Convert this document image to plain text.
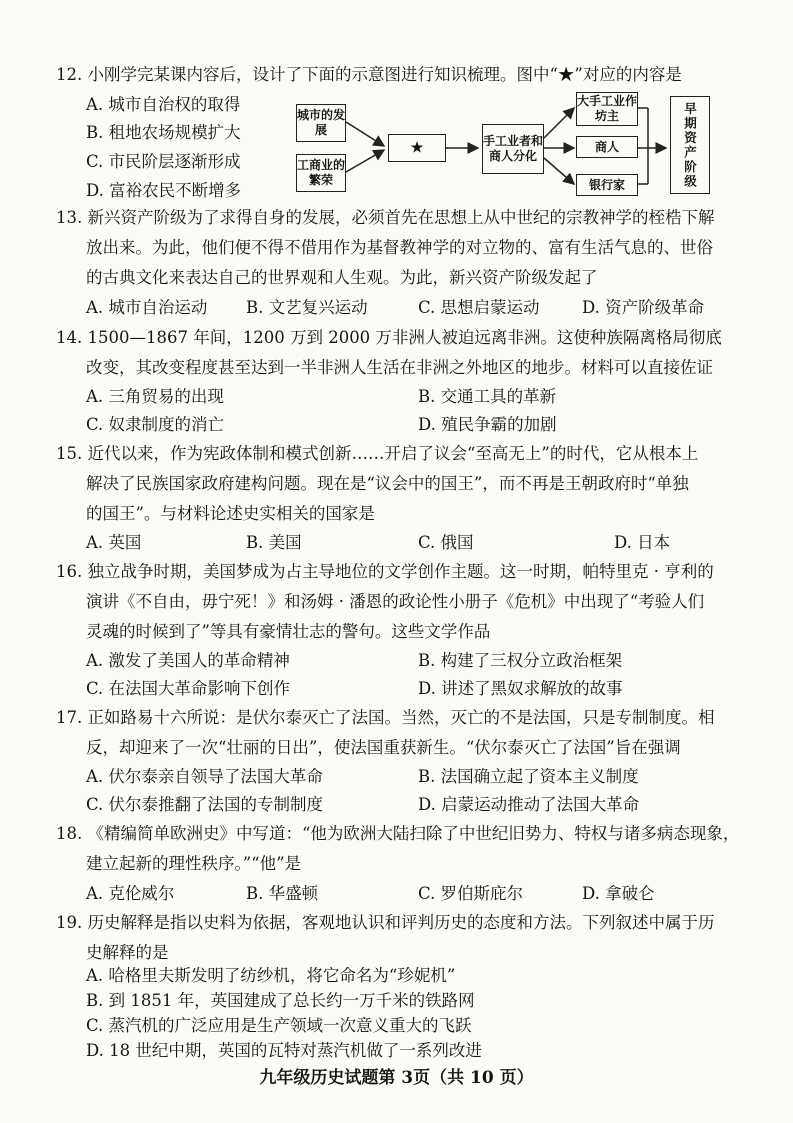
12. 小刚学完某课内容后，设计了下面的示意图进行知识梳理。图中“★”对应的内容是
A. 城市自治权的取得
B. 租地农场规模扩大
C. 市民阶层逐渐形成
D. 富裕农民不断增多
城市的发展
工商业的繁荣
★	手工业者和商人分化
大手工业作坊主
商人
银行家	早期资产阶级
13. 新兴资产阶级为了求得自身的发展，必须首先在思想上从中世纪的宗教神学的桎梏下解
放出来。为此，他们便不得不借用作为基督教神学的对立物的、富有生活气息的、世俗
的古典文化来表达自己的世界观和人生观。为此，新兴资产阶级发起了
A. 城市自治运动 B. 文艺复兴运动	C. 思想启蒙运动	D. 资产阶级革命
14. 1500—1867 年间，1200 万到 2000 万非洲人被迫远离非洲。这使种族隔离格局彻底
改变，其改变程度甚至达到一半非洲人生活在非洲之外地区的地步。材料可以直接佐证
A. 三角贸易的出现	B. 交通工具的革新
C. 奴隶制度的消亡	D. 殖民争霸的加剧
15. 近代以来，作为宪政体制和模式创新……开启了议会“至高无上”的时代，它从根本上
解决了民族国家政府建构问题。现在是“议会中的国王”，而不再是王朝政府时“单独
的国王”。与材料论述史实相关的国家是
A. 英国	B. 美国	C. 俄国	D. 日本
16. 独立战争时期，美国梦成为占主导地位的文学创作主题。这一时期，帕特里克 · 亨利的
演讲《不自由，毋宁死！》和汤姆 · 潘恩的政论性小册子《危机》中出现了“考验人们
灵魂的时候到了”等具有豪情壮志的警句。这些文学作品
A. 激发了美国人的革命精神	B. 构建了三权分立政治框架
C. 在法国大革命影响下创作	D. 讲述了黑奴求解放的故事
17. 正如路易十六所说：是伏尔泰灭亡了法国。当然，灭亡的不是法国，只是专制制度。相
反，却迎来了一次“壮丽的日出”，使法国重获新生。“伏尔泰灭亡了法国”旨在强调
A. 伏尔泰亲自领导了法国大革命	B. 法国确立起了资本主义制度
C. 伏尔泰推翻了法国的专制制度	D. 启蒙运动推动了法国大革命
18. 《精编简单欧洲史》中写道：“他为欧洲大陆扫除了中世纪旧势力、特权与诸多病态现象，
建立起新的理性秩序。”“他”是
A. 克伦威尔	B. 华盛顿	C. 罗伯斯庇尔	D. 拿破仑
19. 历史解释是指以史料为依据，客观地认识和评判历史的态度和方法。下列叙述中属于历
史解释的是
A. 哈格里夫斯发明了纺纱机，将它命名为“珍妮机”
B. 到 1851 年，英国建成了总长约一万千米的铁路网
C. 蒸汽机的广泛应用是生产领域一次意义重大的飞跃
九年级历史试题第 3页（共 10 页）
D. 18 世纪中期，英国的瓦特对蒸汽机做了一系列改进
